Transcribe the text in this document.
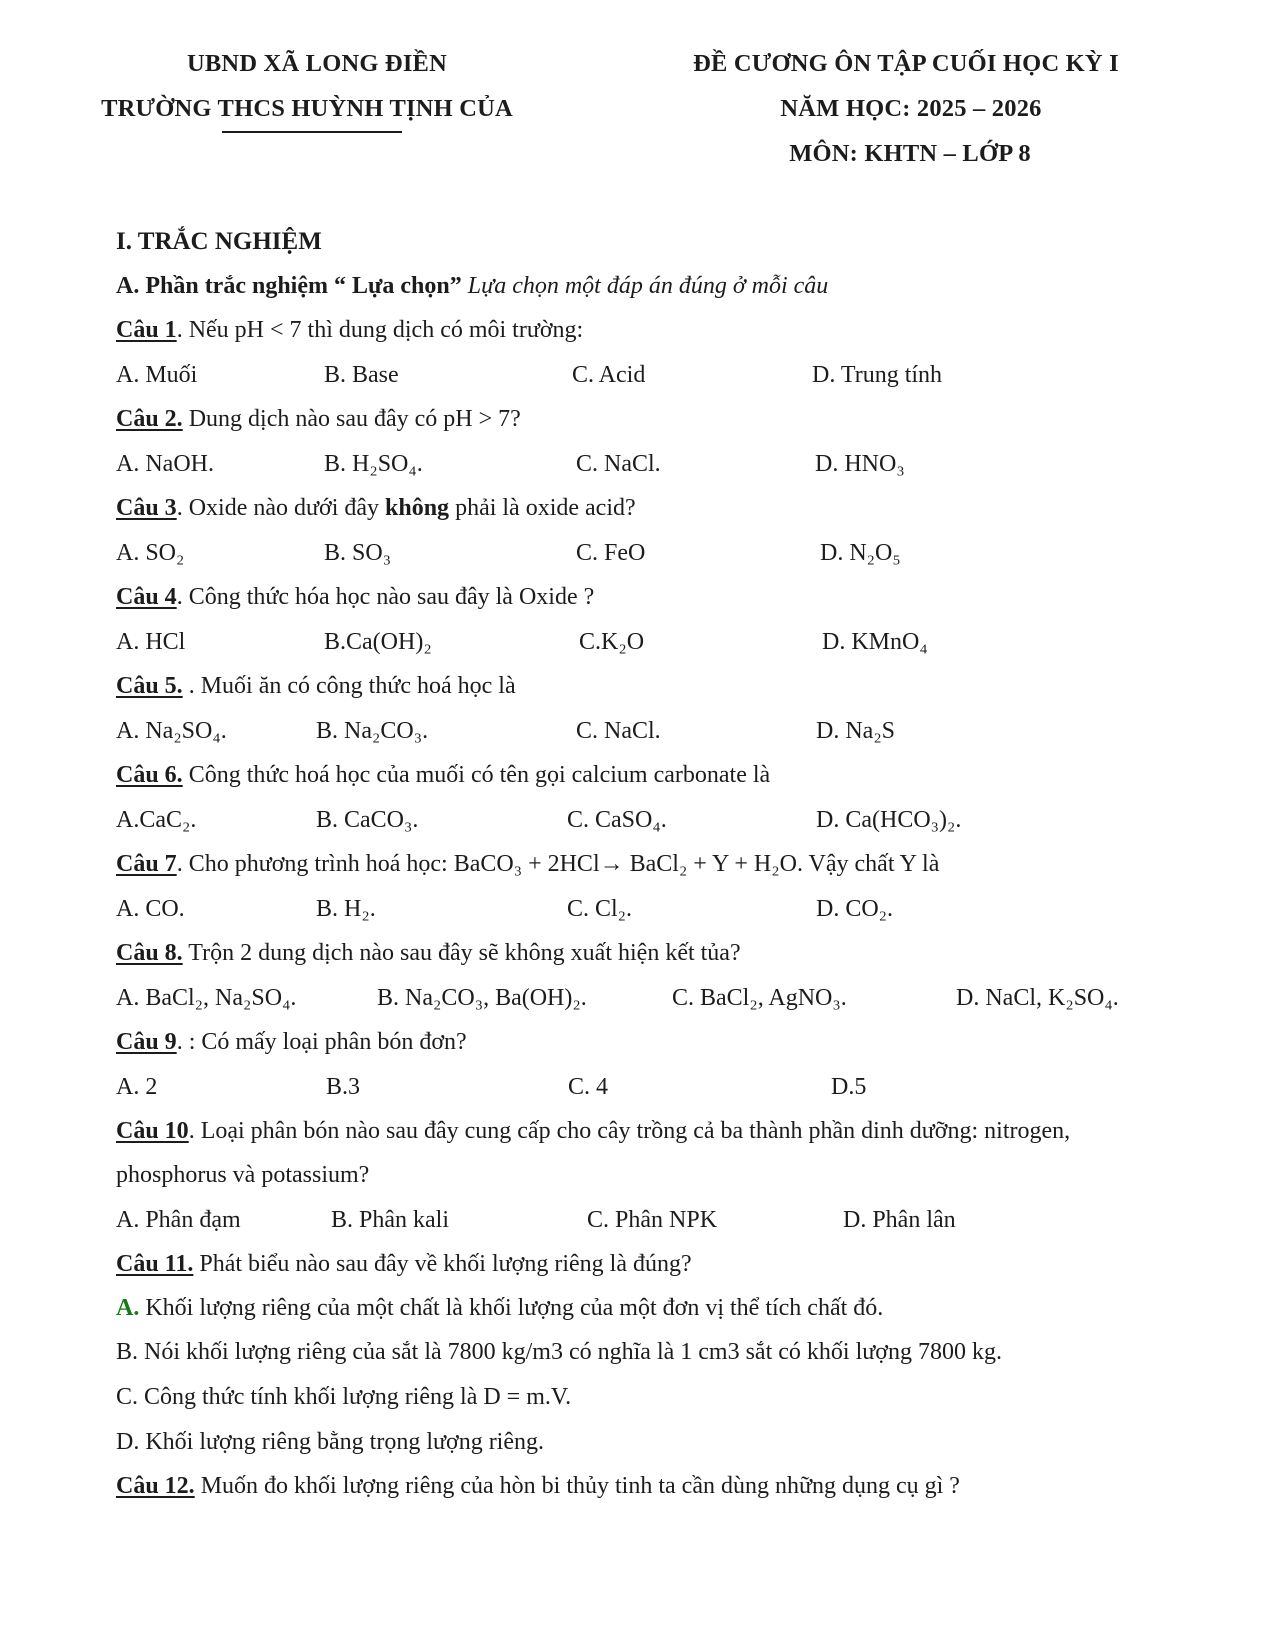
UBND XÃ LONG ĐIỀN
TRƯỜNG THCS HUỲNH TỊNH CỦA
ĐỀ CƯƠNG ÔN TẬP CUỐI HỌC KỲ I
NĂM HỌC: 2025 – 2026
MÔN: KHTN – LỚP 8
I. TRẮC NGHIỆM
A. Phần trắc nghiệm “ Lựa chọn” Lựa chọn một đáp án đúng ở mỗi câu
Câu 1. Nếu pH < 7 thì dung dịch có môi trường:
A. Muối	B. Base	C. Acid	D. Trung tính
Câu 2. Dung dịch nào sau đây có pH > 7?
A. NaOH.	B. H₂SO₄.	C. NaCl.	D. HNO₃
Câu 3. Oxide nào dưới đây không phải là oxide acid?
A. SO₂	B. SO₃	C. FeO	D. N₂O₅
Câu 4. Công thức hóa học nào sau đây là Oxide ?
A. HCl	B.Ca(OH)₂	C.K₂O	D. KMnO₄
Câu 5. . Muối ăn có công thức hoá học là
A. Na₂SO₄.	B. Na₂CO₃.	C. NaCl.	D. Na₂S
Câu 6. Công thức hoá học của muối có tên gọi calcium carbonate là
A.CaC₂.	B. CaCO₃.	C. CaSO₄.	D. Ca(HCO₃)₂.
Câu 7. Cho phương trình hoá học: BaCO₃ + 2HCl→ BaCl₂ + Y + H₂O. Vậy chất Y là
A. CO.	B. H₂.	C. Cl₂.	D. CO₂.
Câu 8. Trộn 2 dung dịch nào sau đây sẽ không xuất hiện kết tủa?
A. BaCl₂, Na₂SO₄.	B. Na₂CO₃, Ba(OH)₂.	C. BaCl₂, AgNO₃.	D. NaCl, K₂SO₄.
Câu 9. : Có mấy loại phân bón đơn?
A. 2	B.3	C. 4	D.5
Câu 10. Loại phân bón nào sau đây cung cấp cho cây trồng cả ba thành phần dinh dưỡng: nitrogen,
phosphorus và potassium?
A. Phân đạm	B. Phân kali	C. Phân NPK	D. Phân lân
Câu 11. Phát biểu nào sau đây về khối lượng riêng là đúng?
A. Khối lượng riêng của một chất là khối lượng của một đơn vị thể tích chất đó.
B. Nói khối lượng riêng của sắt là 7800 kg/m3 có nghĩa là 1 cm3 sắt có khối lượng 7800 kg.
C. Công thức tính khối lượng riêng là D = m.V.
D. Khối lượng riêng bằng trọng lượng riêng.
Câu 12. Muốn đo khối lượng riêng của hòn bi thủy tinh ta cần dùng những dụng cụ gì ?
